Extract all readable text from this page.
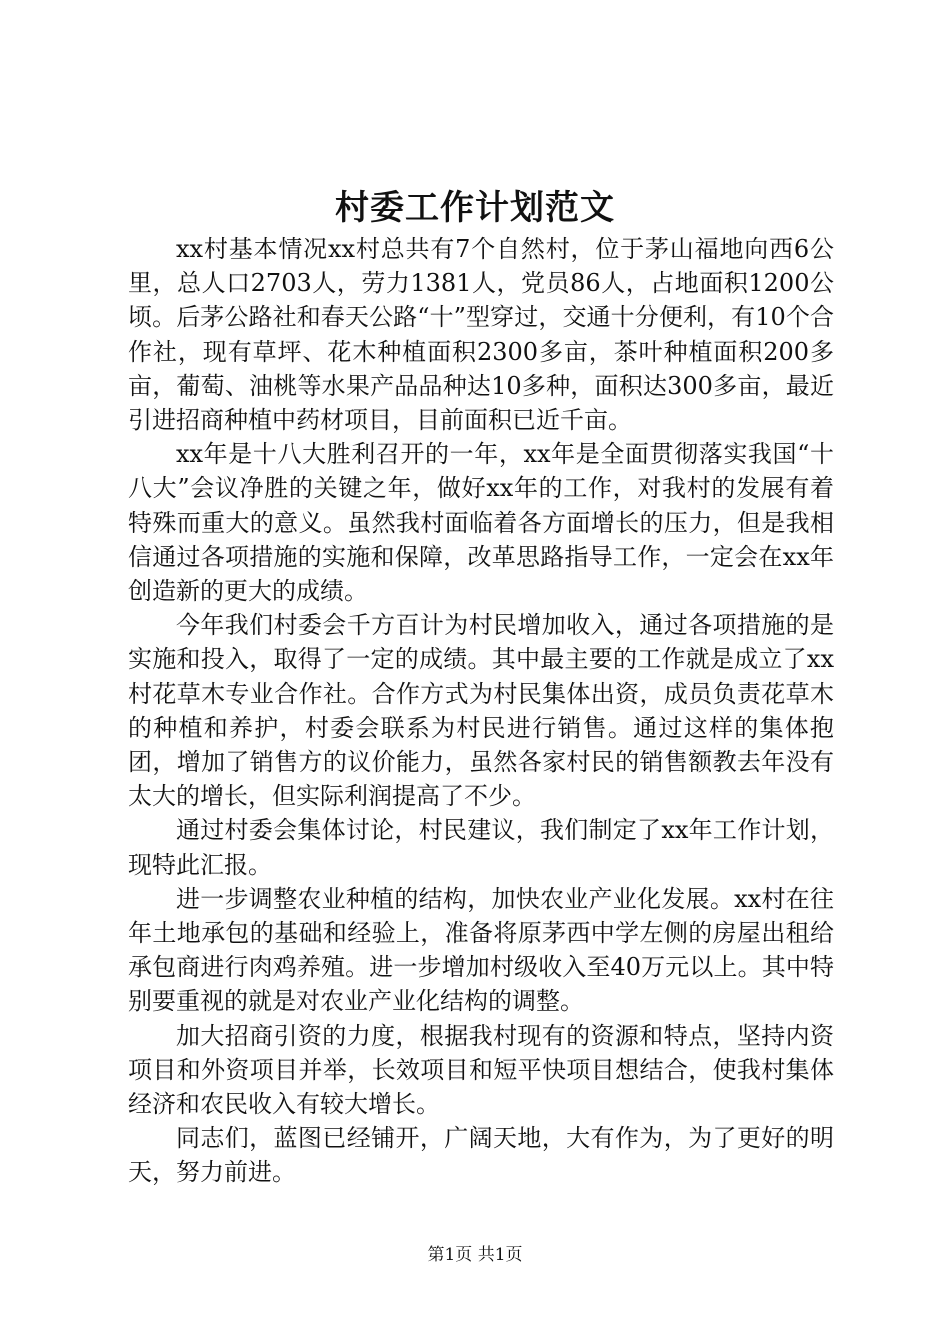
村委工作计划范文

xx村基本情况xx村总共有7个自然村，位于茅山福地向西6公里，总人口2703人，劳力1381人，党员86人，占地面积1200公顷。后茅公路社和春天公路“十”型穿过，交通十分便利，有10个合作社，现有草坪、花木种植面积2300多亩，茶叶种植面积200多亩，葡萄、油桃等水果产品品种达10多种，面积达300多亩，最近引进招商种植中药材项目，目前面积已近千亩。

xx年是十八大胜利召开的一年，xx年是全面贯彻落实我国“十八大”会议净胜的关键之年，做好xx年的工作，对我村的发展有着特殊而重大的意义。虽然我村面临着各方面增长的压力，但是我相信通过各项措施的实施和保障，改革思路指导工作，一定会在xx年创造新的更大的成绩。

今年我们村委会千方百计为村民增加收入，通过各项措施的是实施和投入，取得了一定的成绩。其中最主要的工作就是成立了xx村花草木专业合作社。合作方式为村民集体出资，成员负责花草木的种植和养护，村委会联系为村民进行销售。通过这样的集体抱团，增加了销售方的议价能力，虽然各家村民的销售额教去年没有太大的增长，但实际利润提高了不少。

通过村委会集体讨论，村民建议，我们制定了xx年工作计划，现特此汇报。

进一步调整农业种植的结构，加快农业产业化发展。xx村在往年土地承包的基础和经验上，准备将原茅西中学左侧的房屋出租给承包商进行肉鸡养殖。进一步增加村级收入至40万元以上。其中特别要重视的就是对农业产业化结构的调整。

加大招商引资的力度，根据我村现有的资源和特点，坚持内资项目和外资项目并举，长效项目和短平快项目想结合，使我村集体经济和农民收入有较大增长。

同志们，蓝图已经铺开，广阔天地，大有作为，为了更好的明天，努力前进。

第1页 共1页
